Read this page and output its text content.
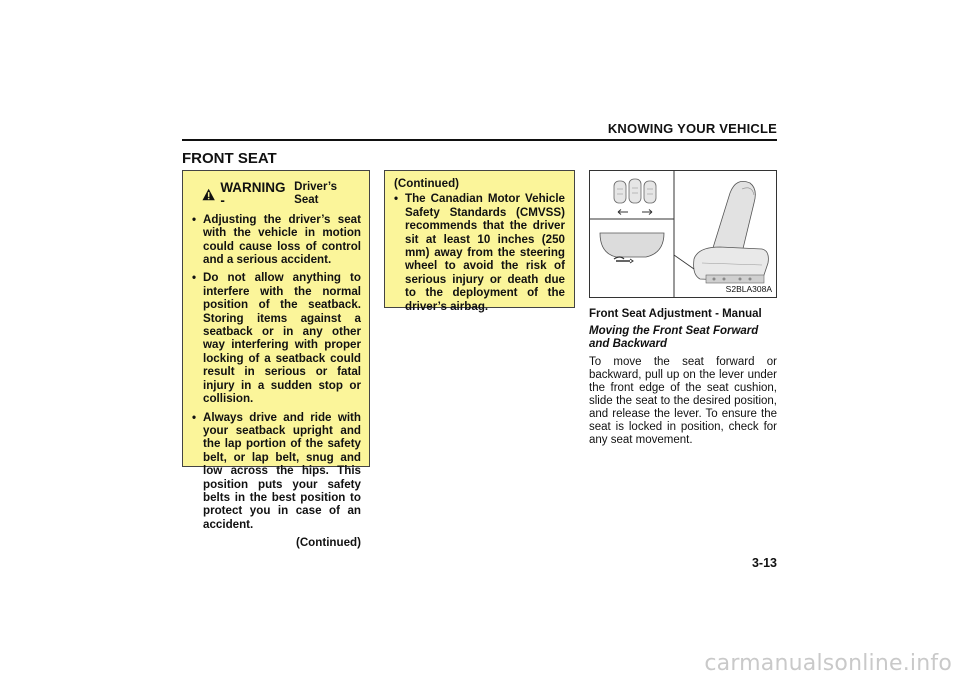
KNOWING YOUR VEHICLE
FRONT SEAT
WARNING -
Driver’s Seat
• Adjusting the driver’s seat with the vehicle in motion could cause loss of control and a serious accident.
• Do not allow anything to interfere with the normal position of the seatback. Storing items against a seatback or in any other way interfering with proper locking of a seatback could result in serious or fatal injury in a sudden stop or collision.
• Always drive and ride with your seatback upright and the lap portion of the safety belt, or lap belt, snug and low across the hips. This position puts your safety belts in the best position to protect you in case of an accident.
(Continued)
(Continued)
• The Canadian Motor Vehicle Safety Standards (CMVSS) recommends that the driver sit at least 10 inches (250 mm) away from the steering wheel to avoid the risk of serious injury or death due to the deployment of the driver’s airbag.
S2BLA308A
Front Seat Adjustment - Manual
Moving the Front Seat Forward and Backward
To move the seat forward or backward, pull up on the lever under the front edge of the seat cushion, slide the seat to the desired position, and release the lever. To ensure the seat is locked in position, check for any seat movement.
3-13
carmanualsonline.info
